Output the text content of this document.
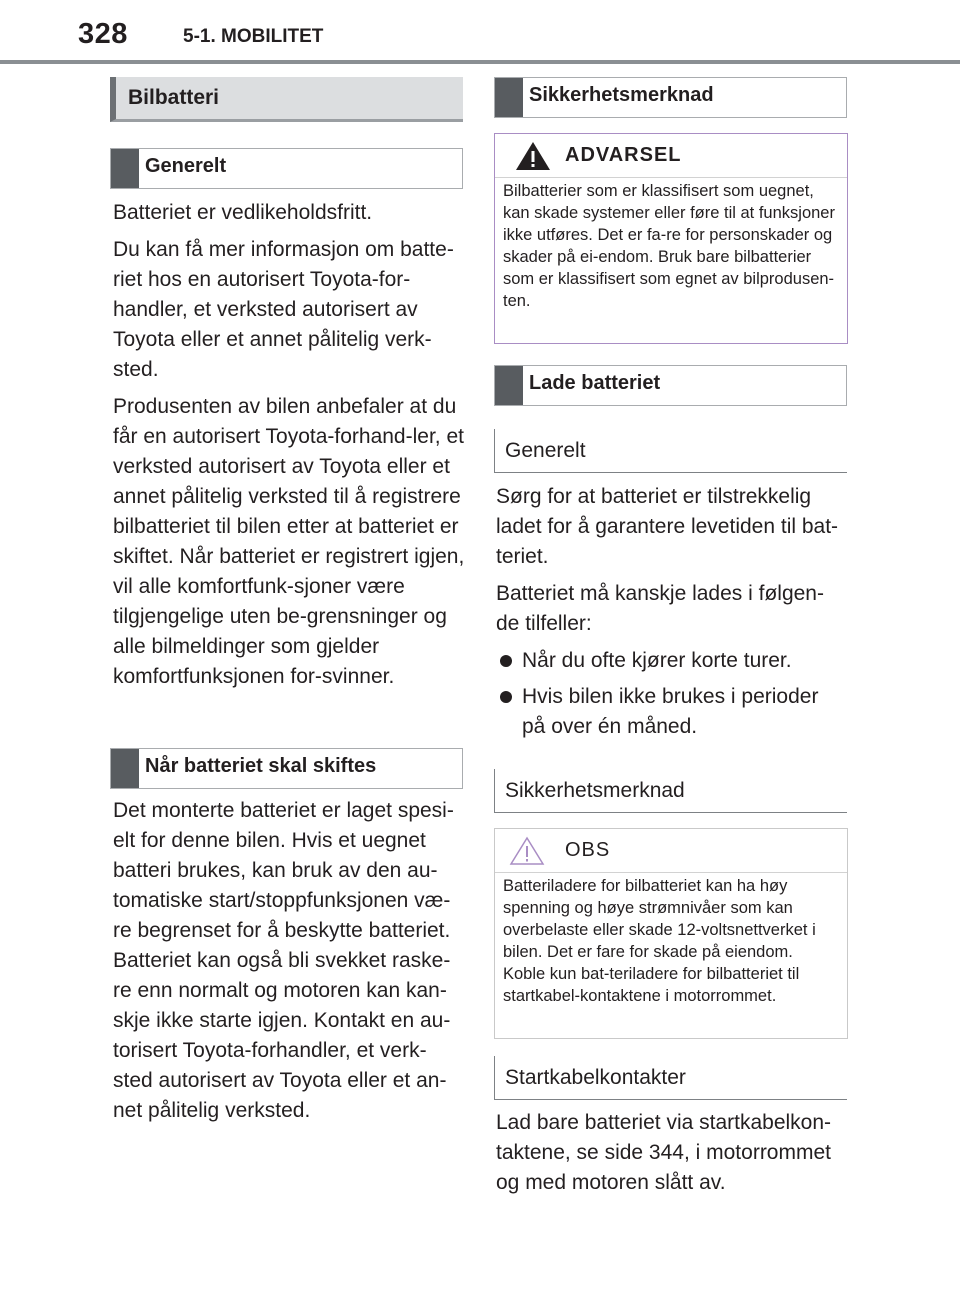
328	5-1. MOBILITET
Bilbatteri
Generelt

Batteriet er vedlikeholdsfritt.

Du kan få mer informasjon om batte-riet hos en autorisert Toyota-for-handler, et verksted autorisert av Toyota eller et annet pålitelig verk-sted.

Produsenten av bilen anbefaler at du får en autorisert Toyota-forhand-ler, et verksted autorisert av Toyota eller et annet pålitelig verksted til å registrere bilbatteriet til bilen etter at batteriet er skiftet. Når batteriet er registrert igjen, vil alle komfortfunk-sjoner være tilgjengelige uten be-grensninger og alle bilmeldinger som gjelder komfortfunksjonen for-svinner.

Når batteriet skal skiftes

Det monterte batteriet er laget spesi-elt for denne bilen. Hvis et uegnet batteri brukes, kan bruk av den au-tomatiske start/stoppfunksjonen væ-re begrenset for å beskytte batteriet. Batteriet kan også bli svekket raske-re enn normalt og motoren kan kan-skje ikke starte igjen. Kontakt en au-torisert Toyota-forhandler, et verk-sted autorisert av Toyota eller et an-net pålitelig verksted.

Sikkerhetsmerknad
ADVARSEL
Bilbatterier som er klassifisert som uegnet, kan skade systemer eller føre til at funksjoner ikke utføres. Det er fa-re for personskader og skader på ei-endom. Bruk bare bilbatterier som er klassifisert som egnet av bilprodusen-ten.
Lade batteriet
Generelt

Sørg for at batteriet er tilstrekkelig ladet for å garantere levetiden til bat-teriet.

Batteriet må kanskje lades i følgen-de tilfeller:

Når du ofte kjører korte turer.
Hvis bilen ikke brukes i perioder på over én måned.
Sikkerhetsmerknad
OBS
Batteriladere for bilbatteriet kan ha høy spenning og høye strømnivåer som kan overbelaste eller skade 12-voltsnettverket i bilen. Det er fare for skade på eiendom. Koble kun bat-teriladere for bilbatteriet til startkabel-kontaktene i motorrommet.
Startkabelkontakter

Lad bare batteriet via startkabelkon-taktene, se side 344, i motorrommet og med motoren slått av.
